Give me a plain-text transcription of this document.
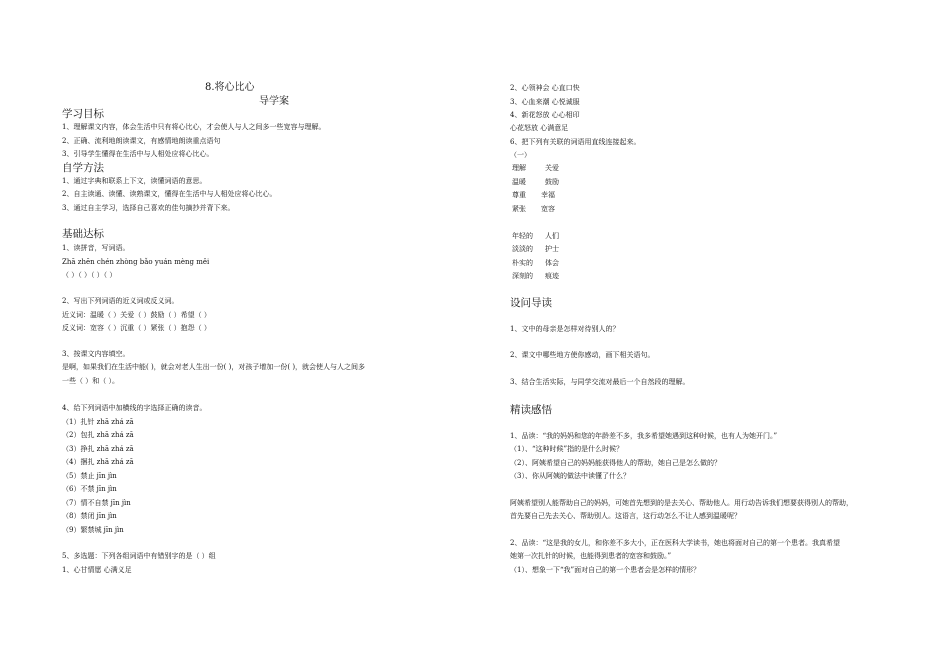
8.将心比心
导学案
学习目标
1、理解课文内容，体会生活中只有将心比心，才会使人与人之间多一些宽容与理解。
2、正确、流利地朗读课文，有感情地朗读重点语句
3、引导学生懂得在生活中与人相处应将心比心。
自学方法
1、通过字典和联系上下文，读懂词语的意思。
2、自主读通、读懂、读熟课文，懂得在生活中与人相处应将心比心。
3、通过自主学习，选择自己喜欢的佳句摘抄并背下来。
基础达标
1、读拼音，写词语。
Zhā zhēn chén zhòng bǎo yuán mèng měi
（ ）（ ）（ ）（ ）
2、写出下列词语的近义词或反义词。
近义词：温暖（ ）关爱（ ）鼓励（ ）希望（ ）
反义词：宽容（ ）沉重（ ）紧张（ ）抱怨（ ）
3、按课文内容填空。
是啊，如果我们在生活中能( )，就会对老人生出一份( )，对孩子增加一份( )，就会使人与人之间多
一些（ ）和（ ）。
4、给下列词语中加横线的字选择正确的读音。
（1）扎针 zhā zhá zā
（2）包扎 zhā zhá zā
（3）挣扎 zhā zhá zā
（4）捆扎 zhā zhá zā
（5）禁止 jīn jìn
（6）不禁 jīn jìn
（7）情不自禁 jīn jìn
（8）禁闭 jīn jìn
（9）繁禁城 jīn jìn
5、多选题：下列各组词语中有错别字的是（ ）组
1、心甘情愿 心满义足
2、心领神会 心直口快
3、心血来潮 心悦诚服
4、新花怒放 心心相印
心花怒放 心满意足
6、把下列有关联的词语用直线连接起来。
（一）
理解	关爱
温暖	鼓励
尊重 幸福
紧张 宽容
年轻的 人们
淡淡的 护士
朴实的 体会
深刻的 痕迹
设问导读
1、文中的母亲是怎样对待别人的？
2、课文中哪些地方使你感动，画下相关语句。
3、结合生活实际，与同学交流对最后一个自然段的理解。
精读感悟
1、品读：“我的妈妈和您的年龄差不多，我多希望她遇到这种时候，也有人为她开门。”
（1）、“这种时候”指的是什么时候？
（2）、阿姨希望自己的妈妈能获得他人的帮助，她自己是怎么做的？
（3）、你从阿姨的做法中读懂了什么？
阿姨希望别人能帮助自己的妈妈，可她首先想到的是去关心、帮助他人。用行动告诉我们想要获得别人的帮助，
首先要自己先去关心、帮助别人。这语言，这行动怎么不让人感到温暖呢？
2、品读：“这是我的女儿，和你差不多大小，正在医科大学读书，她也将面对自己的第一个患者。我真希望
她第一次扎针的时候，也能得到患者的宽容和鼓励。”
（1）、想象一下“我”面对自己的第一个患者会是怎样的情形？
